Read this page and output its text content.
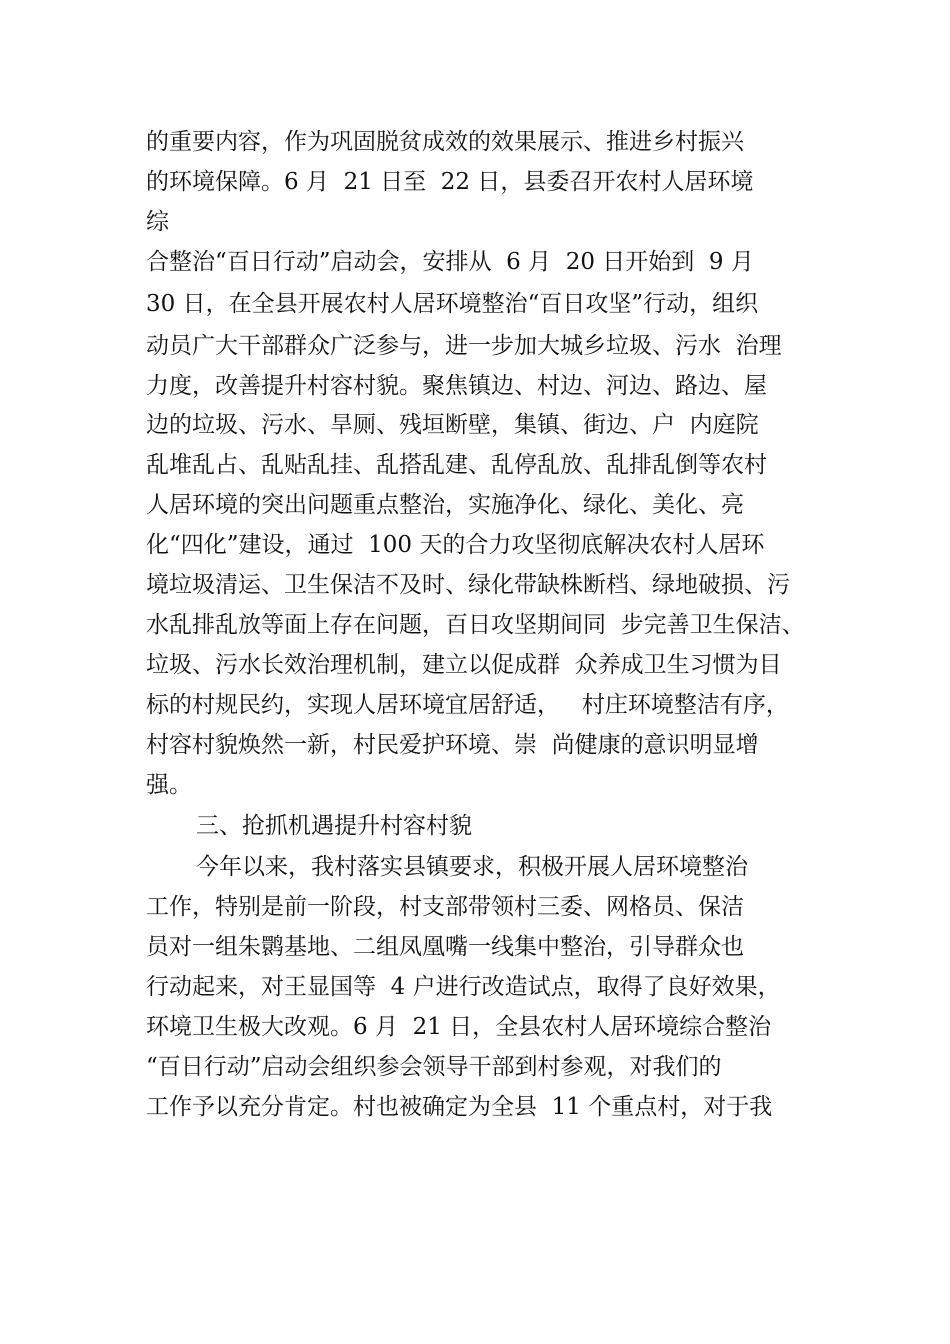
的重要内容，作为巩固脱贫成效的效果展示、推进乡村振兴
的环境保障。6 月  21 日至  22 日，县委召开农村人居环境
综
合整治“百日行动”启动会，安排从  6 月  20 日开始到  9 月
30 日，在全县开展农村人居环境整治“百日攻坚”行动，组织
动员广大干部群众广泛参与，进一步加大城乡垃圾、污水  治理
力度，改善提升村容村貌。聚焦镇边、村边、河边、路边、屋
边的垃圾、污水、旱厕、残垣断壁，集镇、街边、户  内庭院
乱堆乱占、乱贴乱挂、乱搭乱建、乱停乱放、乱排乱倒等农村
人居环境的突出问题重点整治，实施净化、绿化、美化、亮
化“四化”建设，通过  100 天的合力攻坚彻底解决农村人居环
境垃圾清运、卫生保洁不及时、绿化带缺株断档、绿地破损、污
水乱排乱放等面上存在问题，百日攻坚期间同  步完善卫生保洁、
垃圾、污水长效治理机制，建立以促成群  众养成卫生习惯为目
标的村规民约，实现人居环境宜居舒适，   村庄环境整洁有序，
村容村貌焕然一新，村民爱护环境、崇  尚健康的意识明显增
强。
三、抢抓机遇提升村容村貌
今年以来，我村落实县镇要求，积极开展人居环境整治
工作，特别是前一阶段，村支部带领村三委、网格员、保洁
员对一组朱鹮基地、二组凤凰嘴一线集中整治，引导群众也
行动起来，对王显国等  4 户进行改造试点，取得了良好效果，
环境卫生极大改观。6 月  21 日，全县农村人居环境综合整治
“百日行动”启动会组织参会领导干部到村参观，对我们的
工作予以充分肯定。村也被确定为全县  11 个重点村，对于我
